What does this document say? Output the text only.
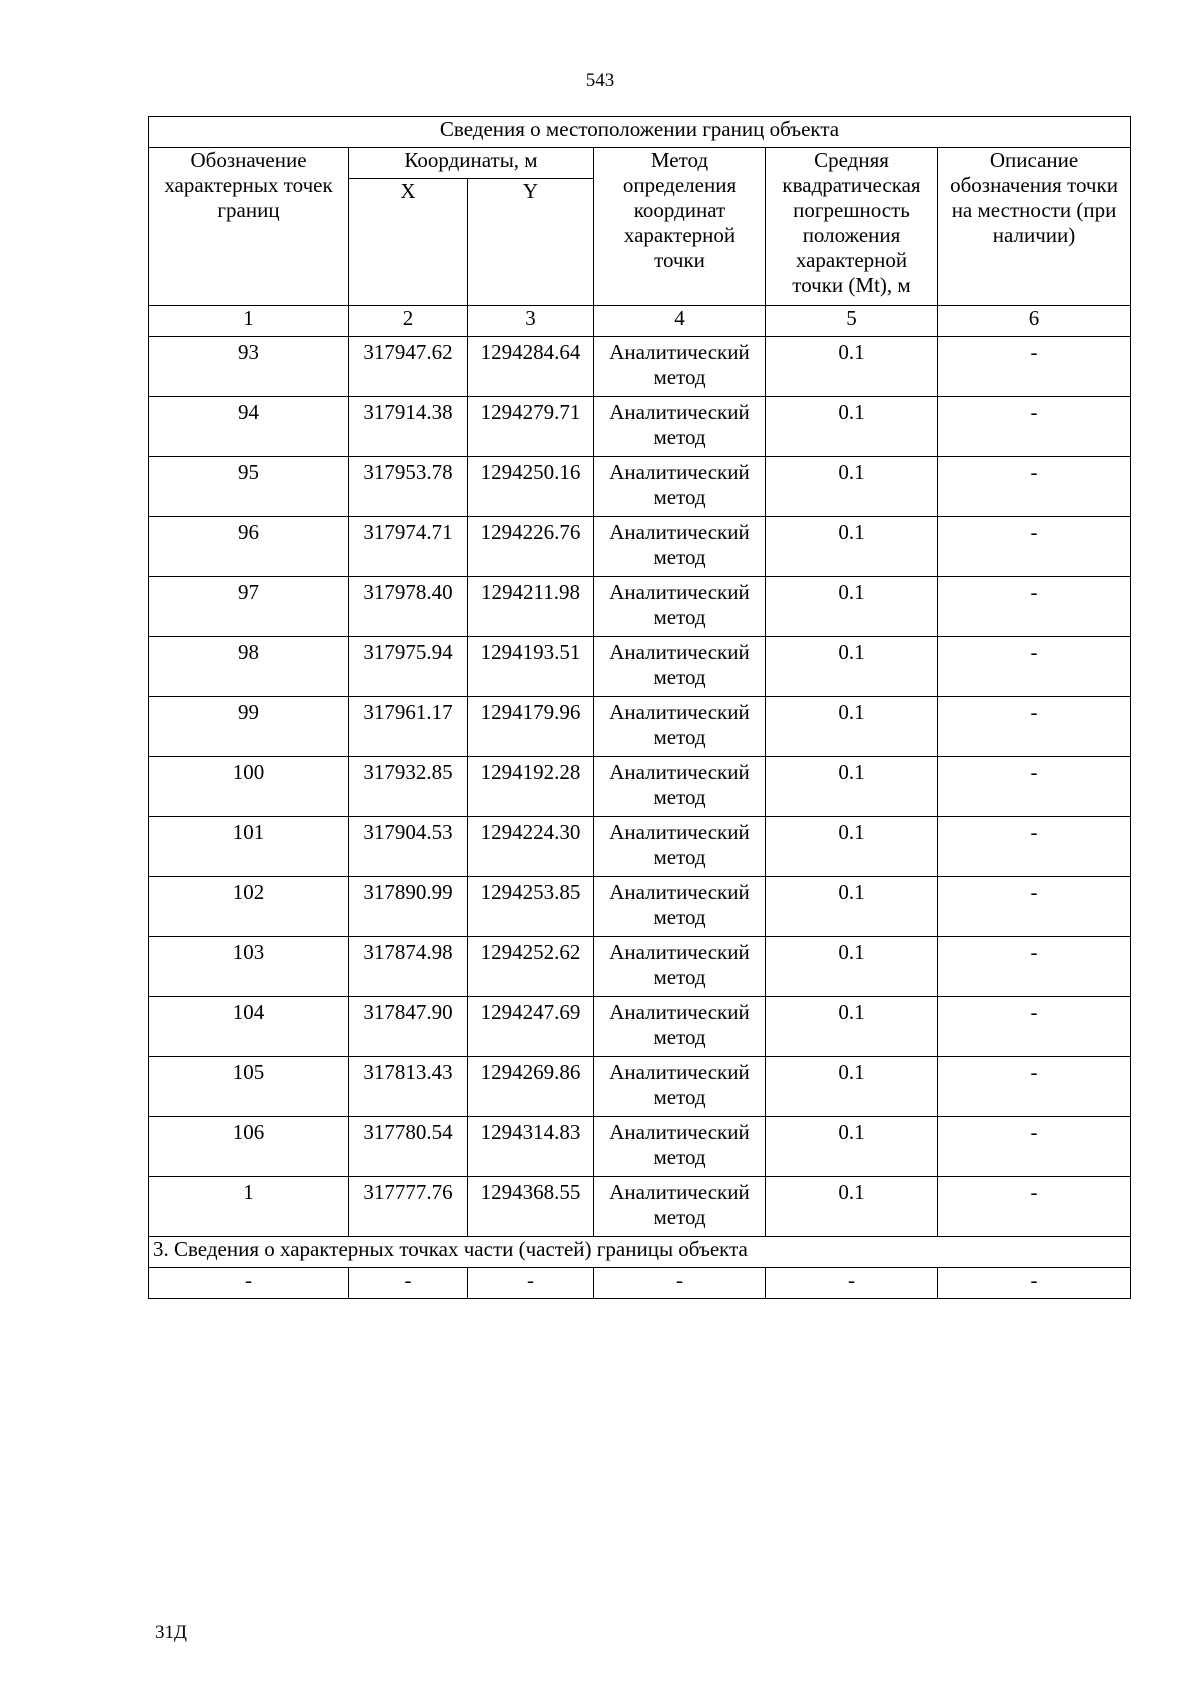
543
Сведения о местоположении границ объекта					
Обозначение характерных точек границ	Координаты, м		Метод определения координат характерной точки	Средняя квадратическая погрешность положения характерной точки (Mt), м	Описание обозначения точки на местности (при наличии)
	X	Y			
1	2	3	4	5	6
93	317947.62	1294284.64	Аналитический метод	0.1	-
94	317914.38	1294279.71	Аналитический метод	0.1	-
95	317953.78	1294250.16	Аналитический метод	0.1	-
96	317974.71	1294226.76	Аналитический метод	0.1	-
97	317978.40	1294211.98	Аналитический метод	0.1	-
98	317975.94	1294193.51	Аналитический метод	0.1	-
99	317961.17	1294179.96	Аналитический метод	0.1	-
100	317932.85	1294192.28	Аналитический метод	0.1	-
101	317904.53	1294224.30	Аналитический метод	0.1	-
102	317890.99	1294253.85	Аналитический метод	0.1	-
103	317874.98	1294252.62	Аналитический метод	0.1	-
104	317847.90	1294247.69	Аналитический метод	0.1	-
105	317813.43	1294269.86	Аналитический метод	0.1	-
106	317780.54	1294314.83	Аналитический метод	0.1	-
1	317777.76	1294368.55	Аналитический метод	0.1	-
3. Сведения о характерных точках части (частей) границы объекта					
-	-	-	-	-	-
31Д
